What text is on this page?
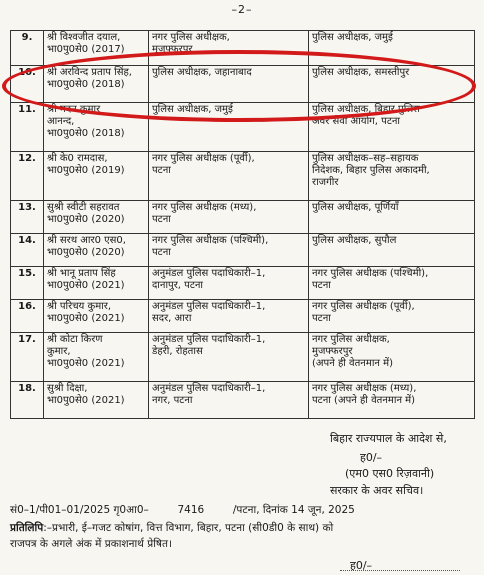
–2–
9.	श्री विश्वजीत दयाल,
भा0पु0से0 (2017)	नगर पुलिस अधीक्षक,
मुजफ्फरपुर	पुलिस अधीक्षक, जमुई

10.	श्री अरविन्द प्रताप सिंह,
भा0पु0से0 (2018)	पुलिस अधीक्षक, जहानाबाद	पुलिस अधीक्षक, समस्तीपुर

11.	श्री मदन कुमार
आनन्द,
भा0पु0से0 (2018)	पुलिस अधीक्षक, जमुई	पुलिस अधीक्षक, बिहार पुलिस
अवर सेवा आयोग, पटना

12.	श्री के0 रामदास,
भा0पु0से0 (2019)	नगर पुलिस अधीक्षक (पूर्वी),
पटना	पुलिस अधीक्षक–सह–सहायक
निदेशक, बिहार पुलिस अकादमी,
राजगीर

13.	सुश्री स्वीटी सहरावत
भा0पु0से0 (2020)	नगर पुलिस अधीक्षक (मध्य),
पटना	पुलिस अधीक्षक, पूर्णियाँ

14.	श्री सरथ आर0 एस0,
भा0पु0से0 (2020)	नगर पुलिस अधीक्षक (पश्चिमी),
पटना	पुलिस अधीक्षक, सुपौल

15.	श्री भानू प्रताप सिंह
भा0पु0से0 (2021)	अनुमंडल पुलिस पदाधिकारी–1,
दानापुर, पटना	नगर पुलिस अधीक्षक (पश्चिमी),
पटना

16.	श्री परिचय कुमार,
भा0पु0से0 (2021)	अनुमंडल पुलिस पदाधिकारी–1,
सदर, आरा	नगर पुलिस अधीक्षक (पूर्वी),
पटना

17.	श्री कोटा किरण
कुमार,
भा0पु0से0 (2021)	अनुमंडल पुलिस पदाधिकारी–1,
डेहरी, रोहतास	नगर पुलिस अधीक्षक,
मुजफ्फरपुर
(अपने ही वेतनमान में)

18.	सुश्री दिक्षा,
भा0पु0से0 (2021)	अनुमंडल पुलिस पदाधिकारी–1,
नगर, पटना	नगर पुलिस अधीक्षक (मध्य),
पटना (अपने ही वेतनमान में)
बिहार राज्यपाल के आदेश से,
ह0/–
(एम0 एस0 रिज़वानी)
सरकार के अवर सचिव।
सं0–1/पी01–01/2025 गृ0आ0–	7416	/पटना, दिनांक 14 जून, 2025
प्रतिलिपि:–प्रभारी, ई–गजट कोषांग, वित्त विभाग, बिहार, पटना (सी0डी0 के साथ) को
राजपत्र के अगले अंक में प्रकाशनार्थ प्रेषित।
ह0/–
